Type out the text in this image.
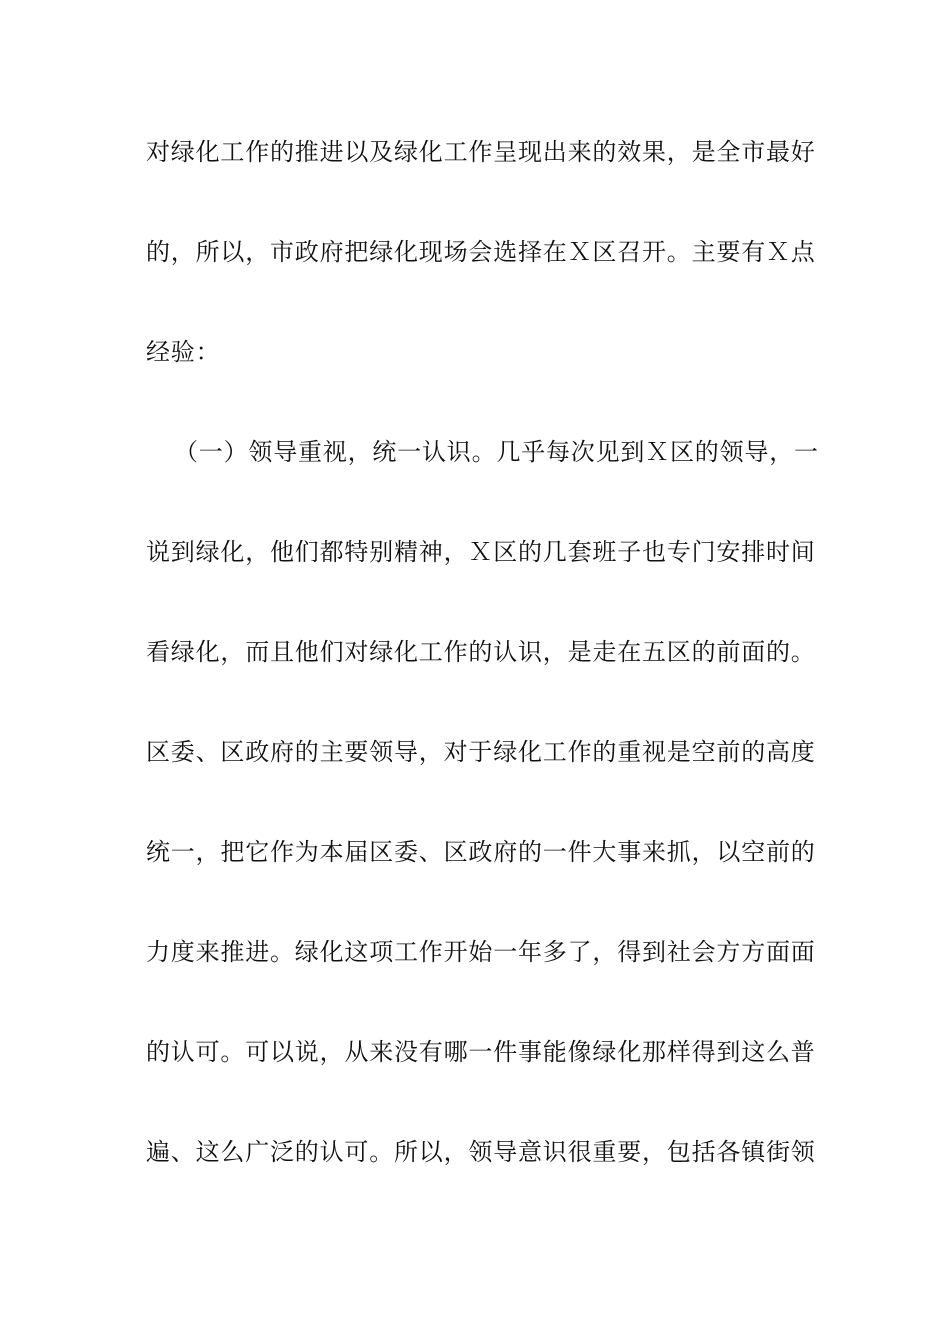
对绿化工作的推进以及绿化工作呈现出来的效果，是全市最好
的，所以，市政府把绿化现场会选择在Ｘ区召开。主要有Ｘ点
经验：
（一）领导重视，统一认识。几乎每次见到Ｘ区的领导，一
说到绿化，他们都特别精神，Ｘ区的几套班子也专门安排时间
看绿化，而且他们对绿化工作的认识，是走在五区的前面的。
区委、区政府的主要领导，对于绿化工作的重视是空前的高度
统一，把它作为本届区委、区政府的一件大事来抓，以空前的
力度来推进。绿化这项工作开始一年多了，得到社会方方面面
的认可。可以说，从来没有哪一件事能像绿化那样得到这么普
遍、这么广泛的认可。所以，领导意识很重要，包括各镇街领
